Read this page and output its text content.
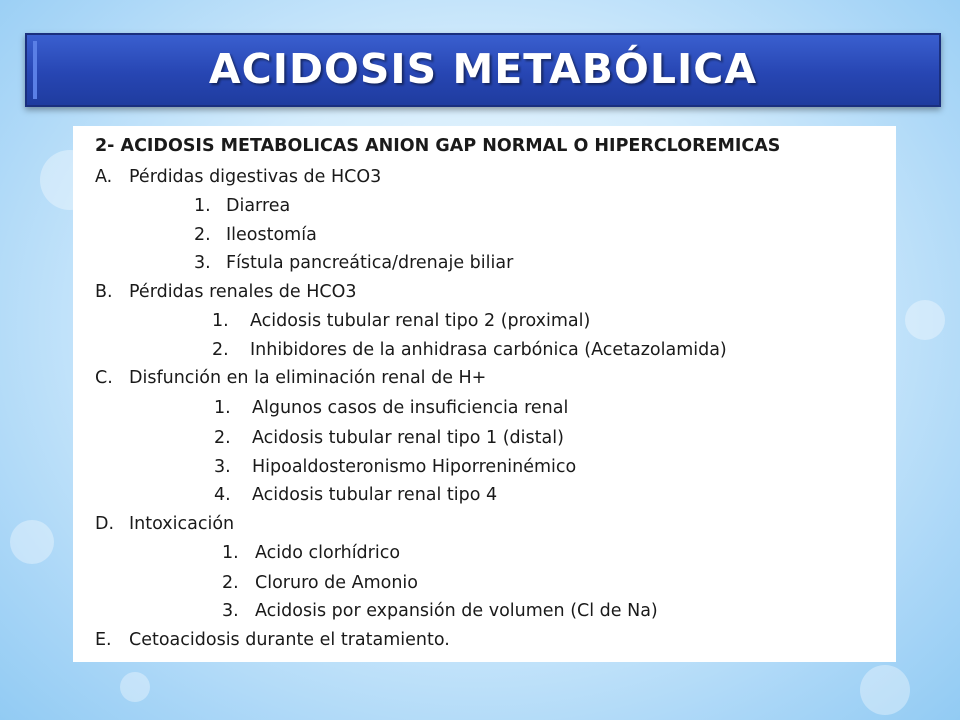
ACIDOSIS METABÓLICA
2- ACIDOSIS METABOLICAS ANION GAP NORMAL O HIPERCLOREMICAS
A. Pérdidas digestivas de HCO3
1. Diarrea
2. Ileostomía
3. Fístula pancreática/drenaje biliar
B. Pérdidas renales de HCO3
1. Acidosis tubular renal tipo 2 (proximal)
2. Inhibidores de la anhidrasa carbónica (Acetazolamida)
C. Disfunción en la eliminación renal de H+
1. Algunos casos de insuficiencia renal
2. Acidosis tubular renal tipo 1 (distal)
3. Hipoaldosteronismo Hiporreninémico
4. Acidosis tubular renal tipo 4
D. Intoxicación
1. Acido clorhídrico
2. Cloruro de Amonio
3. Acidosis por expansión de volumen (Cl de Na)
E. Cetoacidosis durante el tratamiento.
